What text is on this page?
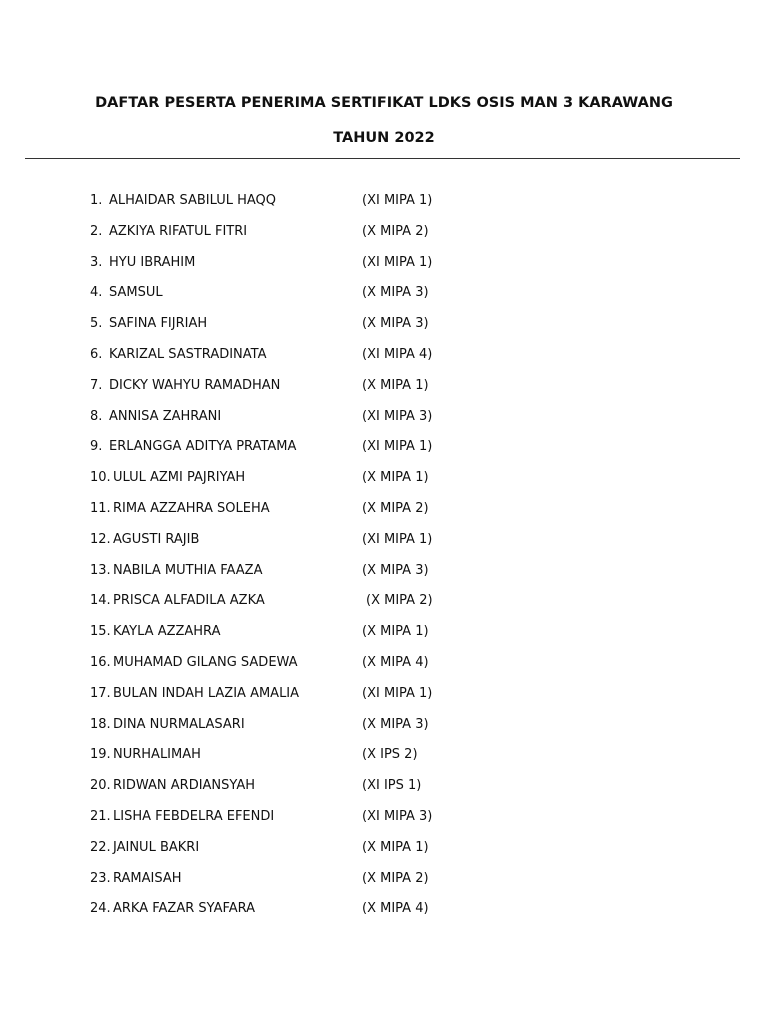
DAFTAR PESERTA PENERIMA SERTIFIKAT LDKS OSIS MAN 3 KARAWANG
TAHUN 2022
1. ALHAIDAR SABILUL HAQQ	(XI MIPA 1)
2. AZKIYA RIFATUL FITRI	(X MIPA 2)
3. HYU IBRAHIM	(XI MIPA 1)
4. SAMSUL	(X MIPA 3)
5. SAFINA FIJRIAH	(X MIPA 3)
6. KARIZAL SASTRADINATA	(XI MIPA 4)
7. DICKY WAHYU RAMADHAN	(X MIPA 1)
8. ANNISA ZAHRANI	(XI MIPA 3)
9. ERLANGGA ADITYA PRATAMA	(XI MIPA 1)
10. ULUL AZMI PAJRIYAH	(X MIPA 1)
11. RIMA AZZAHRA SOLEHA	(X MIPA 2)
12. AGUSTI RAJIB	(XI MIPA 1)
13. NABILA MUTHIA FAAZA	(X MIPA 3)
14. PRISCA ALFADILA AZKA	(X MIPA 2)
15. KAYLA AZZAHRA	(X MIPA 1)
16. MUHAMAD GILANG SADEWA	(X MIPA 4)
17. BULAN INDAH LAZIA AMALIA	(XI MIPA 1)
18. DINA NURMALASARI	(X MIPA 3)
19. NURHALIMAH	(X IPS 2)
20. RIDWAN ARDIANSYAH	(XI IPS 1)
21. LISHA FEBDELRA EFENDI	(XI MIPA 3)
22. JAINUL BAKRI	(X MIPA 1)
23. RAMAISAH	(X MIPA 2)
24. ARKA FAZAR SYAFARA	(X MIPA 4)
